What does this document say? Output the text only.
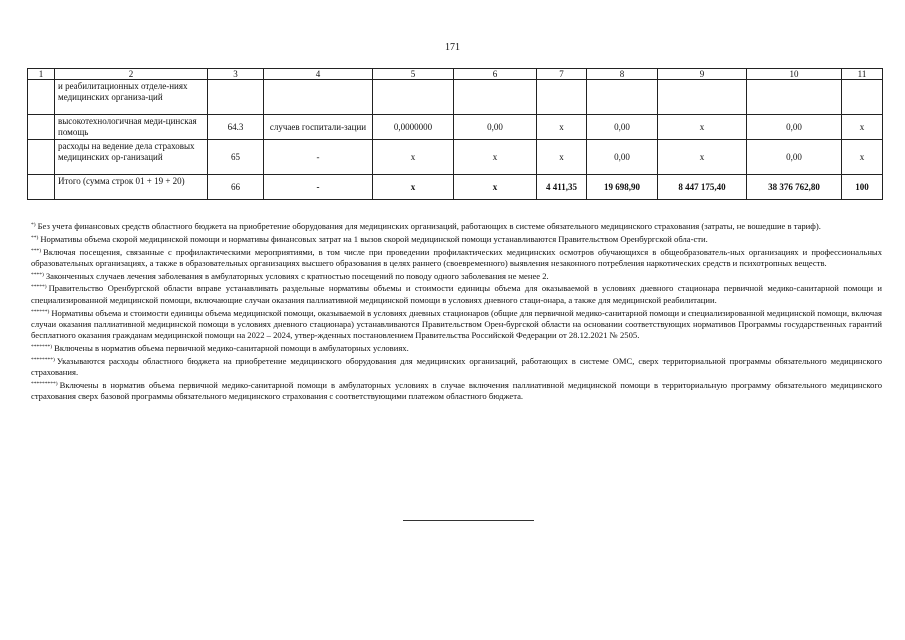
171
1	2	3	4	5	6	7	8	9	10	11
	и реабилитационных отделе-ниях медицинских организа-ций									
	высокотехнологичная меди-цинская помощь	64.3	случаев госпитали-зации	0,0000000	0,00	x	0,00	x	0,00	x
	расходы на ведение дела страховых медицинских ор-ганизаций	65	-	x	x	x	0,00	x	0,00	x
	Итого (сумма строк 01 + 19 + 20)	66	-	x	x	4 411,35	19 698,90	8 447 175,40	38 376 762,80	100

*) Без учета финансовых средств областного бюджета на приобретение оборудования для медицинских организаций, работающих в системе обязательного медицинского страхования (затраты, не вошедшие в тариф).

**) Нормативы объема скорой медицинской помощи и нормативы финансовых затрат на 1 вызов скорой медицинской помощи устанавливаются Правительством Оренбургской обла-сти.

***) Включая посещения, связанные с профилактическими мероприятиями, в том числе при проведении профилактических медицинских осмотров обучающихся в общеобразователь-ных организациях и профессиональных образовательных организациях, а также в образовательных организациях высшего образования в целях раннего (своевременного) выявления незаконного потребления наркотических средств и психотропных веществ.

****) Законченных случаев лечения заболевания в амбулаторных условиях с кратностью посещений по поводу одного заболевания не менее 2.

*****) Правительство Оренбургской области вправе устанавливать раздельные нормативы объемы и стоимости единицы объема для оказываемой в условиях дневного стационара первичной медико-санитарной помощи и специализированной медицинской помощи, включающие случаи оказания паллиативной медицинской помощи в условиях дневного стаци-онара, а также для медицинской реабилитации.

******) Нормативы объема и стоимости единицы объема медицинской помощи, оказываемой в условиях дневных стационаров (общие для первичной медико-санитарной помощи и специализированной медицинской помощи, включая случаи оказания паллиативной медицинской помощи в условиях дневного стационара) устанавливаются Правительством Орен-бургской области на основании соответствующих нормативов Программы государственных гарантий бесплатного оказания гражданам медицинской помощи на 2022 – 2024, утвер-жденных постановлением Правительства Российской Федерации от 28.12.2021 № 2505.

*******) Включены в норматив объема первичной медико-санитарной помощи в амбулаторных условиях.

********) Указываются расходы областного бюджета на приобретение медицинского оборудования для медицинских организаций, работающих в системе ОМС, сверх территориальной программы обязательного медицинского страхования.

*********) Включены в норматив объема первичной медико-санитарной помощи в амбулаторных условиях в случае включения паллиативной медицинской помощи в территориальную программу обязательного медицинского страхования сверх базовой программы обязательного медицинского страхования с соответствующими платежом областного бюджета.
